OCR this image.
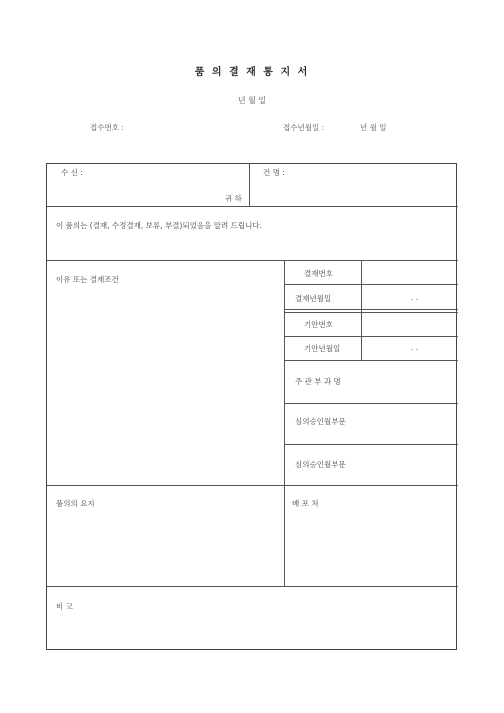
품 의 결 재 통 지 서
년 월 일
접수번호 :	접수년월일 :	년 월 일
수 신 :
귀 하
건 명 :
이 품의는 (결재, 수정결재, 보류, 부결)되었음을 알려 드립니다.
이유 또는 결재조건
결재번호
결재년월일	. .
기안번호
기안년월일	. .
주 관 부 과 명
심의승인월부문
심의승인월부문
품의의 요지	배 포 처
비 고
